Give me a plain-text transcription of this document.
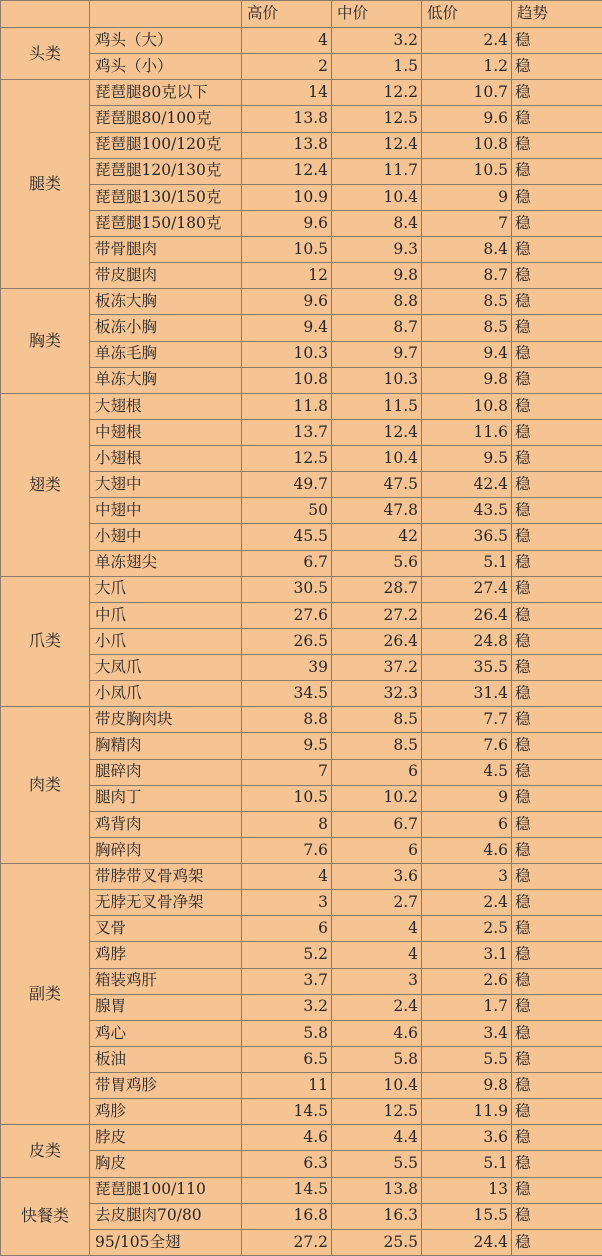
		高价	中价	低价	趋势
头类	鸡头（大）	4	3.2	2.4	稳
	鸡头（小）	2	1.5	1.2	稳
腿类	琵琶腿80克以下	14	12.2	10.7	稳
	琵琶腿80/100克	13.8	12.5	9.6	稳
	琵琶腿100/120克	13.8	12.4	10.8	稳
	琵琶腿120/130克	12.4	11.7	10.5	稳
	琵琶腿130/150克	10.9	10.4	9	稳
	琵琶腿150/180克	9.6	8.4	7	稳
	带骨腿肉	10.5	9.3	8.4	稳
	带皮腿肉	12	9.8	8.7	稳
胸类	板冻大胸	9.6	8.8	8.5	稳
	板冻小胸	9.4	8.7	8.5	稳
	单冻毛胸	10.3	9.7	9.4	稳
	单冻大胸	10.8	10.3	9.8	稳
翅类	大翅根	11.8	11.5	10.8	稳
	中翅根	13.7	12.4	11.6	稳
	小翅根	12.5	10.4	9.5	稳
	大翅中	49.7	47.5	42.4	稳
	中翅中	50	47.8	43.5	稳
	小翅中	45.5	42	36.5	稳
	单冻翅尖	6.7	5.6	5.1	稳
爪类	大爪	30.5	28.7	27.4	稳
	中爪	27.6	27.2	26.4	稳
	小爪	26.5	26.4	24.8	稳
	大凤爪	39	37.2	35.5	稳
	小凤爪	34.5	32.3	31.4	稳
肉类	带皮胸肉块	8.8	8.5	7.7	稳
	胸精肉	9.5	8.5	7.6	稳
	腿碎肉	7	6	4.5	稳
	腿肉丁	10.5	10.2	9	稳
	鸡背肉	8	6.7	6	稳
	胸碎肉	7.6	6	4.6	稳
副类	带脖带叉骨鸡架	4	3.6	3	稳
	无脖无叉骨净架	3	2.7	2.4	稳
	叉骨	6	4	2.5	稳
	鸡脖	5.2	4	3.1	稳
	箱装鸡肝	3.7	3	2.6	稳
	腺胃	3.2	2.4	1.7	稳
	鸡心	5.8	4.6	3.4	稳
	板油	6.5	5.8	5.5	稳
	带胃鸡胗	11	10.4	9.8	稳
	鸡胗	14.5	12.5	11.9	稳
皮类	脖皮	4.6	4.4	3.6	稳
	胸皮	6.3	5.5	5.1	稳
快餐类	琵琶腿100/110	14.5	13.8	13	稳
	去皮腿肉70/80	16.8	16.3	15.5	稳
	95/105全翅	27.2	25.5	24.4	稳
